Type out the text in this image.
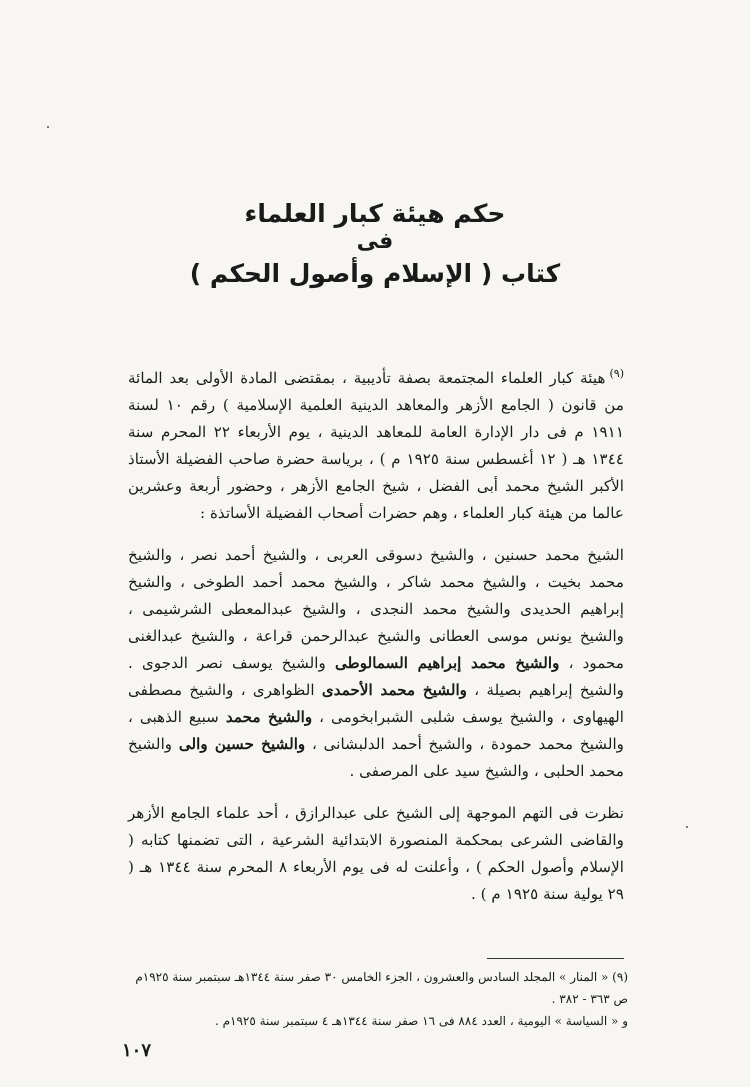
حكم هيئة كبار العلماء
فى
كتاب ( الإسلام وأصول الحكم )

$^{(٩)}$هيئة كبار العلماء المجتمعة بصفة تأديبية ، بمقتضى المادة الأولى بعد المائة من قانون ( الجامع الأزهر والمعاهد الدينية العلمية الإسلامية ) رقم ١٠ لسنة ١٩١١ م فى دار الإدارة العامة للمعاهد الدينية ، يوم الأربعاء ٢٢ المحرم سنة ١٣٤٤ هـ ( ١٢ أغسطس سنة ١٩٢٥ م ) ، برياسة حضرة صاحب الفضيلة الأستاذ الأكبر الشيخ محمد أبى الفضل ، شيخ الجامع الأزهر ، وحضور أربعة وعشرين عالما من هيئة كبار العلماء ، وهم حضرات أصحاب الفضيلة الأساتذة :

الشيخ محمد حسنين ، والشيخ دسوقى العربى ، والشيخ أحمد نصر ، والشيخ محمد بخيت ، والشيخ محمد شاكر ، والشيخ محمد أحمد الطوخى ، والشيخ إبراهيم الحديدى والشيخ محمد النجدى ، والشيخ عبدالمعطى الشرشيمى ، والشيخ يونس موسى العطانى والشيخ عبدالرحمن قراعة ، والشيخ عبدالغنى محمود ، والشيخ محمد إبراهيم السمالوطى والشيخ يوسف نصر الدجوى . والشيخ إبراهيم بصيلة ، والشيخ محمد الأحمدى الظواهرى ، والشيخ مصطفى الهيهاوى ، والشيخ يوسف شلبى الشبرابخومى ، والشيخ محمد سبيع الذهبى ، والشيخ محمد حمودة ، والشيخ أحمد الدلبشانى ، والشيخ حسين والى والشيخ محمد الحلبى ، والشيخ سيد على المرصفى .

نظرت فى التهم الموجهة إلى الشيخ على عبدالرازق ، أحد علماء الجامع الأزهر والقاضى الشرعى بمحكمة المنصورة الابتدائية الشرعية ، التى تضمنها كتابه ( الإسلام وأصول الحكم ) ، وأعلنت له فى يوم الأربعاء ٨ المحرم سنة ١٣٤٤ هـ ( ٢٩ يولية سنة ١٩٢٥ م ) .

(٩) « المنار » المجلد السادس والعشرون ، الجزء الخامس ٣٠ صفر سنة ١٣٤٤هـ سبتمبر سنة ١٩٢٥م ص ٣٦٣ - ٣٨٢ .

و « السياسة » اليومية ، العدد ٨٨٤ فى ١٦ صفر سنة ١٣٤٤هـ ٤ سبتمبر سنة ١٩٢٥م .

١٠٧
